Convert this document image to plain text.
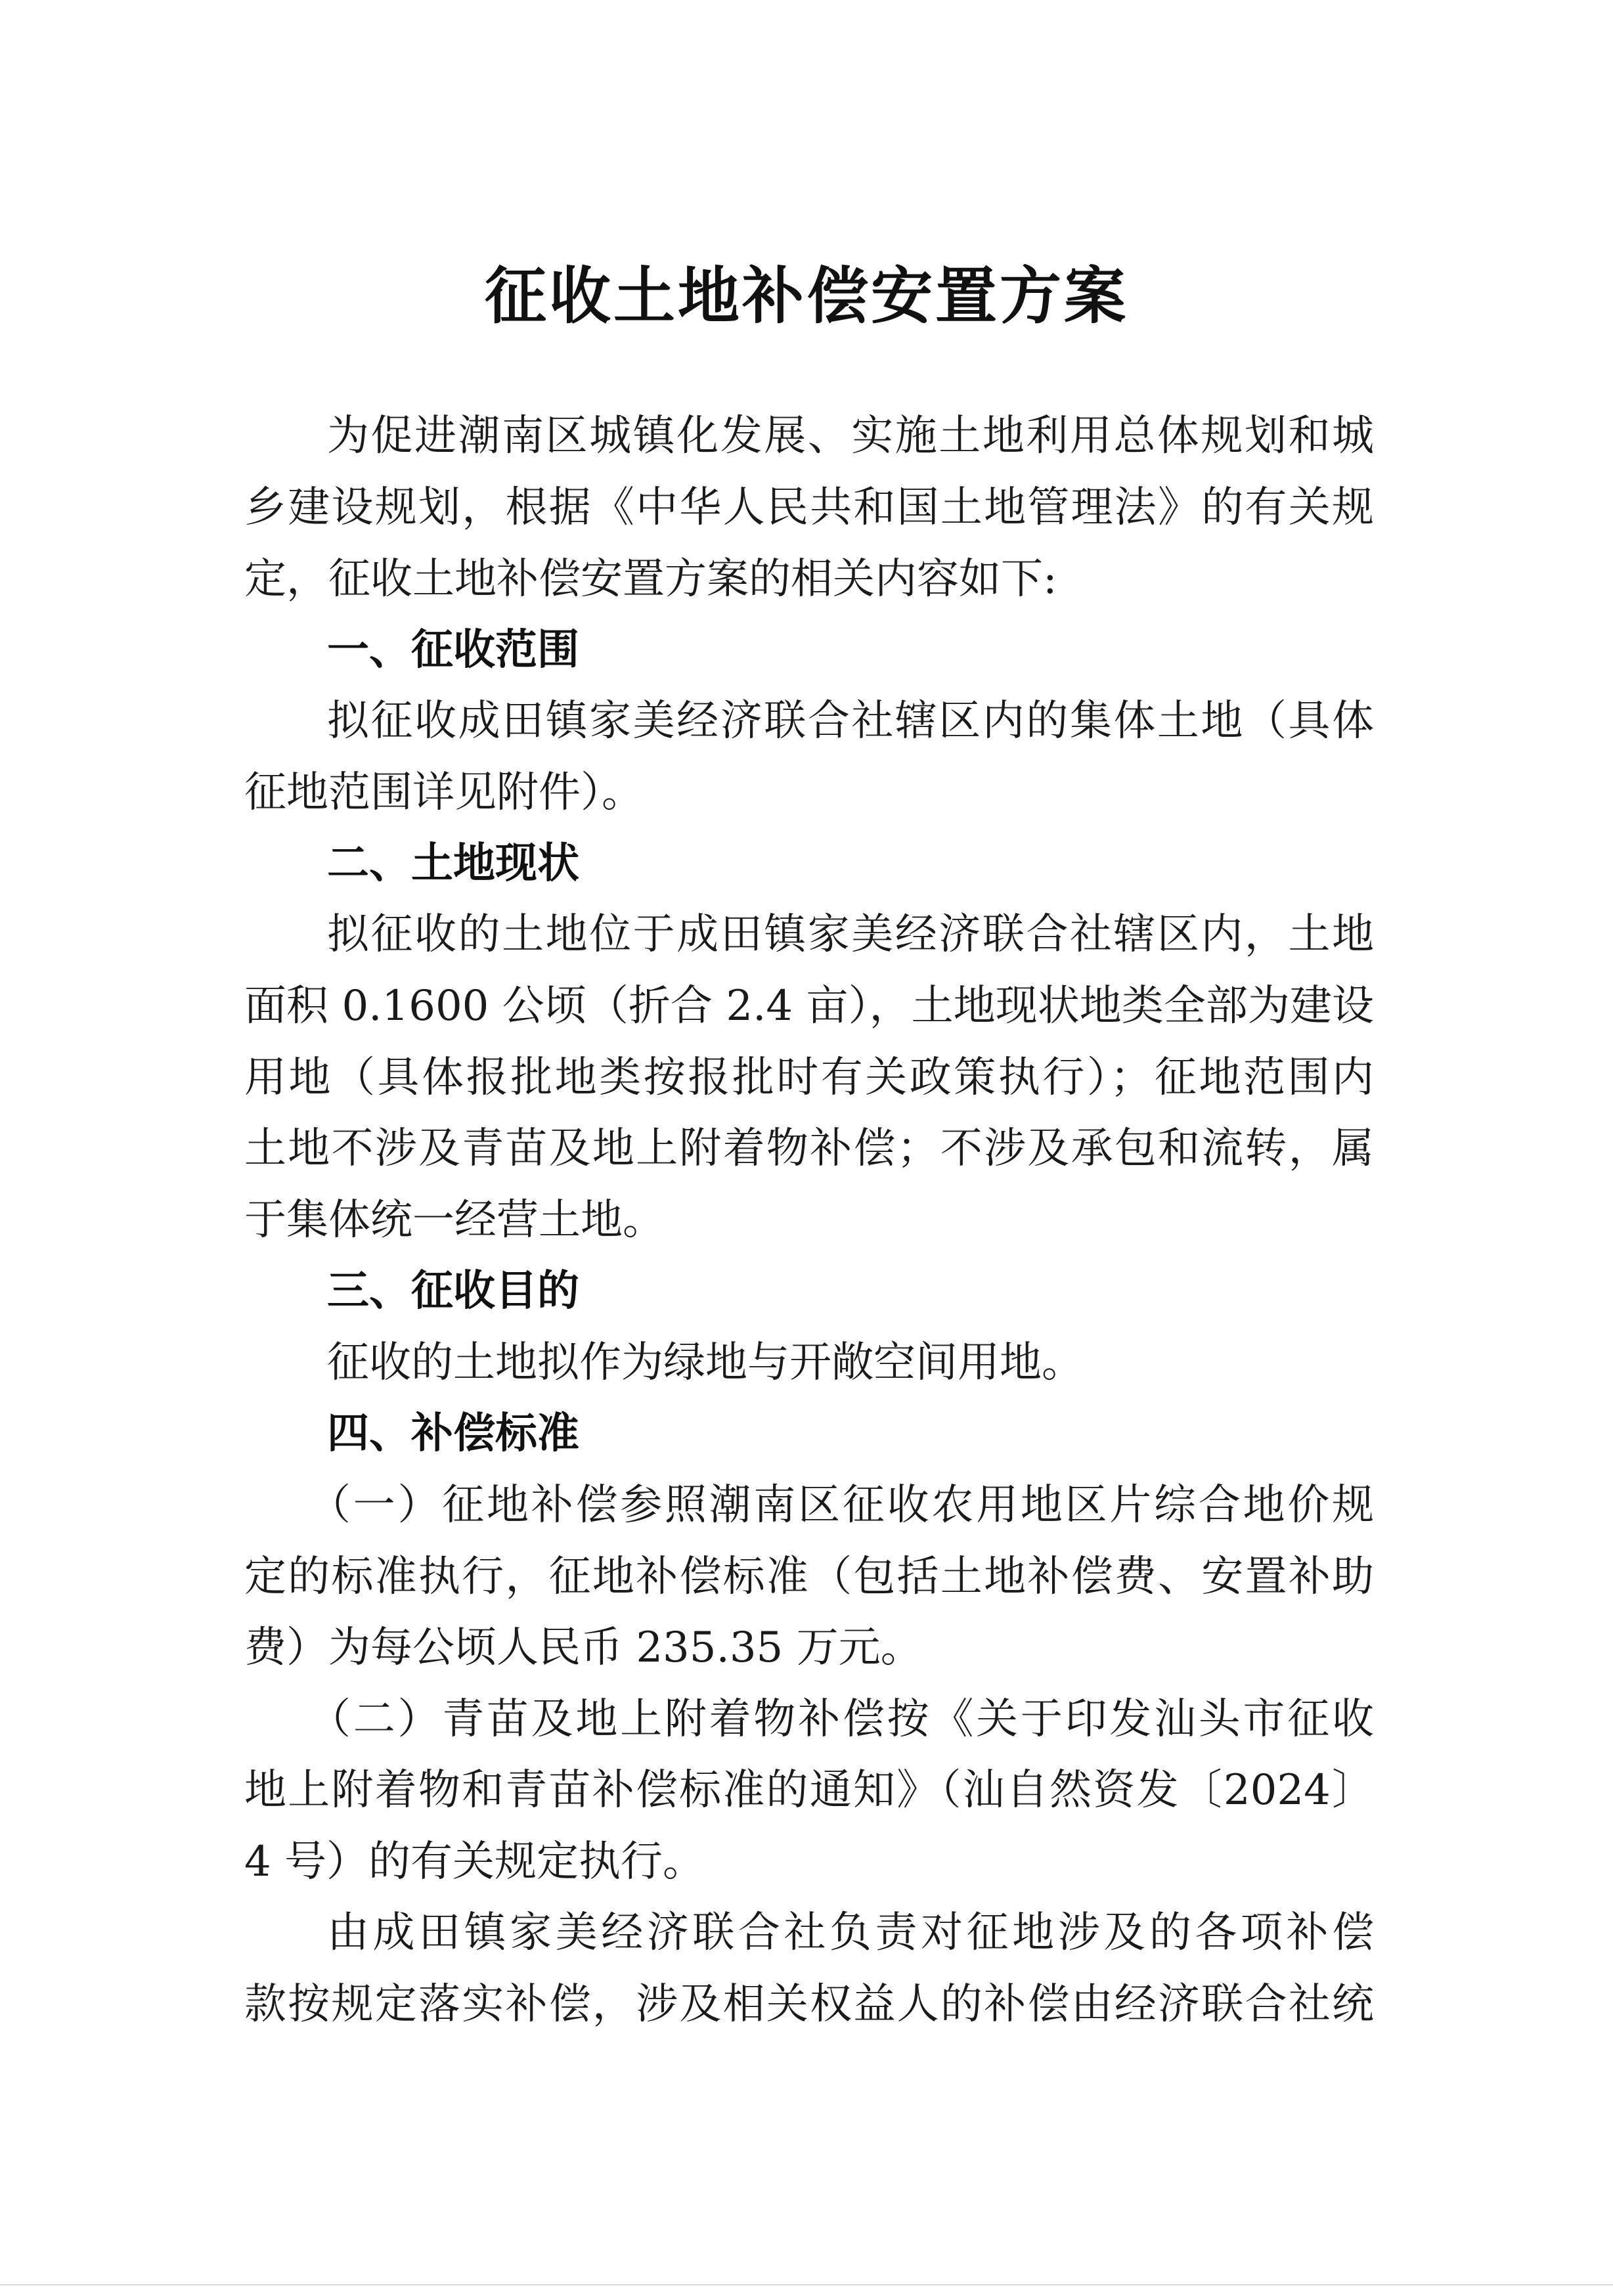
征收土地补偿安置方案
为促进潮南区城镇化发展、实施土地利用总体规划和城
乡建设规划，根据《中华人民共和国土地管理法》的有关规
定，征收土地补偿安置方案的相关内容如下:
一、征收范围
拟征收成田镇家美经济联合社辖区内的集体土地（具体
征地范围详见附件）。
二、土地现状
拟征收的土地位于成田镇家美经济联合社辖区内，土地
面积 0.1600 公顷（折合 2.4 亩），土地现状地类全部为建设
用地（具体报批地类按报批时有关政策执行）；征地范围内
土地不涉及青苗及地上附着物补偿；不涉及承包和流转，属
于集体统一经营土地。
三、征收目的
征收的土地拟作为绿地与开敞空间用地。
四、补偿标准
（一）征地补偿参照潮南区征收农用地区片综合地价规
定的标准执行，征地补偿标准（包括土地补偿费、安置补助
费）为每公顷人民币 235.35 万元。
（二）青苗及地上附着物补偿按《关于印发汕头市征收
地上附着物和青苗补偿标准的通知》（汕自然资发〔2024〕
4 号）的有关规定执行。
由成田镇家美经济联合社负责对征地涉及的各项补偿
款按规定落实补偿，涉及相关权益人的补偿由经济联合社统
